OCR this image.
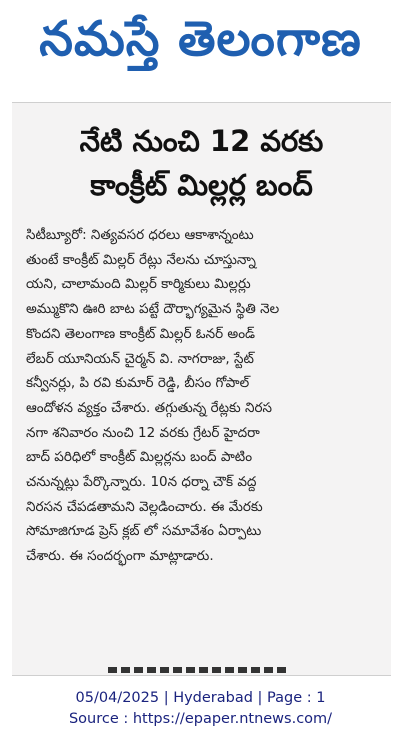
నమస్తే తెలంగాణ
నేటి నుంచి 12 వరకు
కాంక్రీట్ మిల్లర్ల బంద్
సిటీబ్యూరో: నిత్యవసర ధరలు ఆకాశాన్నంటు
తుంటే కాంక్రీట్ మిల్లర్ రేట్లు నేలను చూస్తున్నా
యని, చాలామంది మిల్లర్ కార్మికులు మిల్లర్లు
అమ్ముకొని ఊరి బాట పట్టే దౌర్భాగ్యమైన స్థితి నెల
కొందని తెలంగాణ కాంక్రీట్ మిల్లర్ ఓనర్ అండ్
లేబర్ యూనియన్ చైర్మన్ వి. నాగరాజు, స్టేట్
కన్వీనర్లు, పి రవి కుమార్ రెడ్డి, బీసం గోపాల్
ఆందోళన వ్యక్తం చేశారు. తగ్గుతున్న రేట్లకు నిరస
నగా శనివారం నుంచి 12 వరకు గ్రేటర్ హైదరా
బాద్ పరిధిలో కాంక్రీట్ మిల్లర్లను బంద్ పాటిం
చనున్నట్లు పేర్కొన్నారు. 10న ధర్నా చౌక్ వద్ద
నిరసన చేపడతామని వెల్లడించారు. ఈ మేరకు
సోమాజిగూడ ప్రెస్ క్లబ్ లో సమావేశం ఏర్పాటు
చేశారు. ఈ సందర్భంగా మాట్లాడారు.
05/04/2025 | Hyderabad | Page : 1
Source : https://epaper.ntnews.com/
